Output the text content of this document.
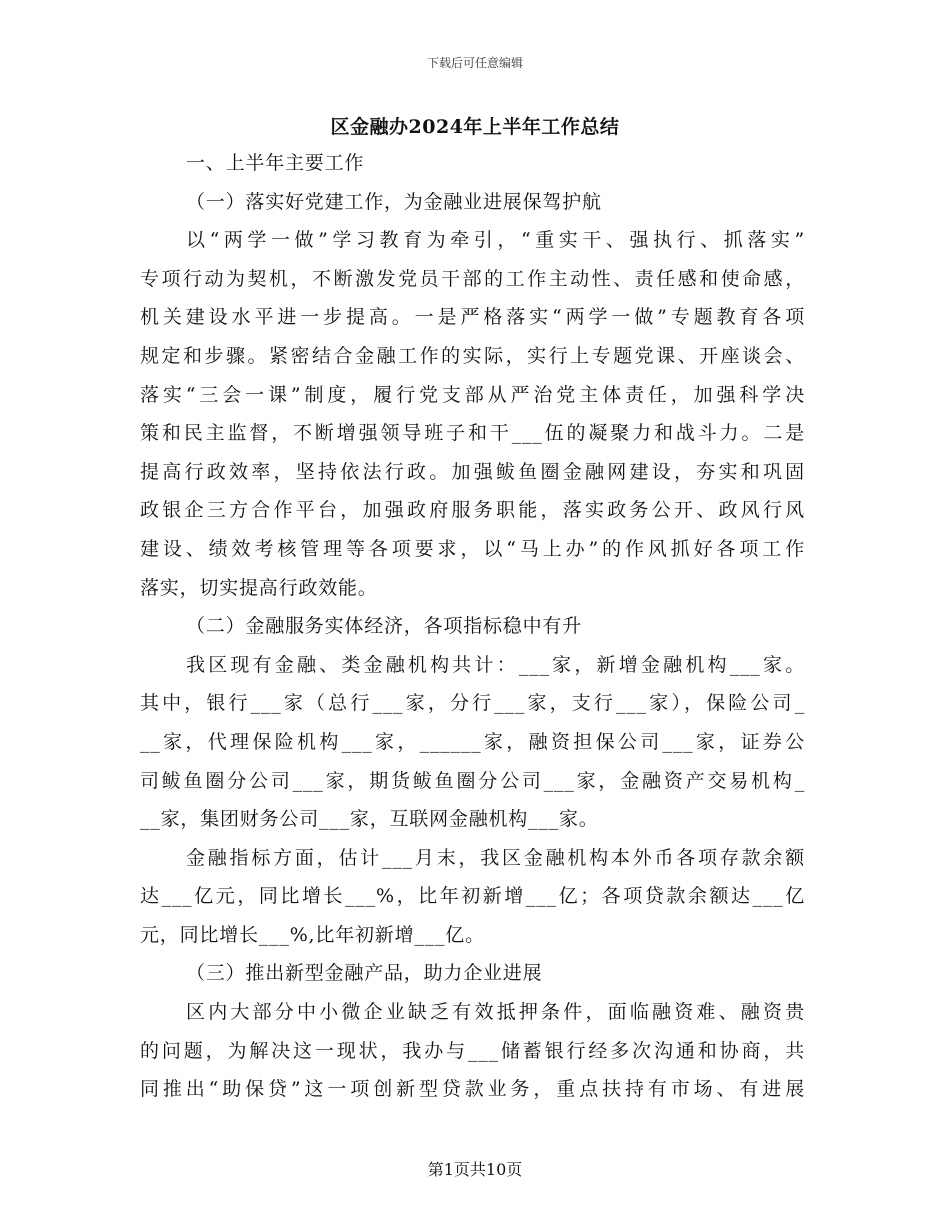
下载后可任意编辑
区金融办2024年上半年工作总结
一、上半年主要工作
（一）落实好党建工作，为金融业进展保驾护航
以“两学一做”学习教育为牵引，“重实干、强执行、抓落实”
专项行动为契机，不断激发党员干部的工作主动性、责任感和使命感，
机关建设水平进一步提高。一是严格落实“两学一做”专题教育各项
规定和步骤。紧密结合金融工作的实际，实行上专题党课、开座谈会、
落实“三会一课”制度，履行党支部从严治党主体责任，加强科学决
策和民主监督，不断增强领导班子和干___伍的凝聚力和战斗力。二是
提高行政效率，坚持依法行政。加强鲅鱼圈金融网建设，夯实和巩固
政银企三方合作平台，加强政府服务职能，落实政务公开、政风行风
建设、绩效考核管理等各项要求，以“马上办”的作风抓好各项工作
落实，切实提高行政效能。
（二）金融服务实体经济，各项指标稳中有升
我区现有金融、类金融机构共计：___家，新增金融机构___家。
其中，银行___家（总行___家，分行___家，支行___家），保险公司_
__家，代理保险机构___家，______家，融资担保公司___家，证券公
司鲅鱼圈分公司___家，期货鲅鱼圈分公司___家，金融资产交易机构_
__家，集团财务公司___家，互联网金融机构___家。
金融指标方面，估计___月末，我区金融机构本外币各项存款余额
达___亿元，同比增长___%，比年初新增___亿；各项贷款余额达___亿
元，同比增长___%,比年初新增___亿。
（三）推出新型金融产品，助力企业进展
区内大部分中小微企业缺乏有效抵押条件，面临融资难、融资贵
的问题，为解决这一现状，我办与___储蓄银行经多次沟通和协商，共
同推出“助保贷”这一项创新型贷款业务，重点扶持有市场、有进展
第1页共10页
